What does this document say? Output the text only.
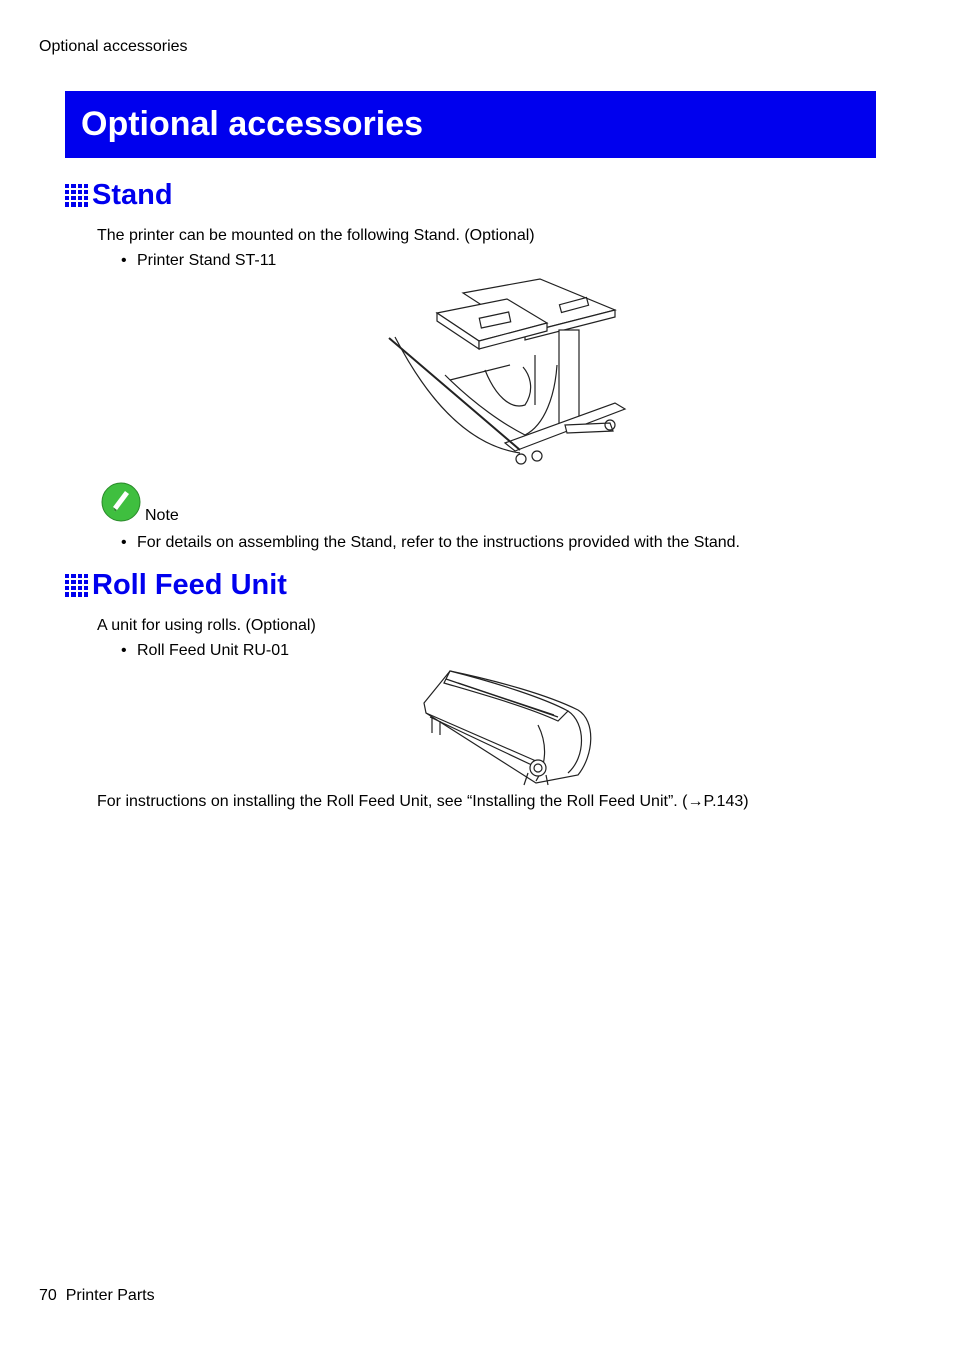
Optional accessories
Optional accessories
Stand
The printer can be mounted on the following Stand. (Optional)
• Printer Stand ST-11
Note
• For details on assembling the Stand, refer to the instructions provided with the Stand.
Roll Feed Unit
A unit for using rolls. (Optional)
• Roll Feed Unit RU-01
For instructions on installing the Roll Feed Unit, see “Installing the Roll Feed Unit”. (→P.143)
70 Printer Parts
